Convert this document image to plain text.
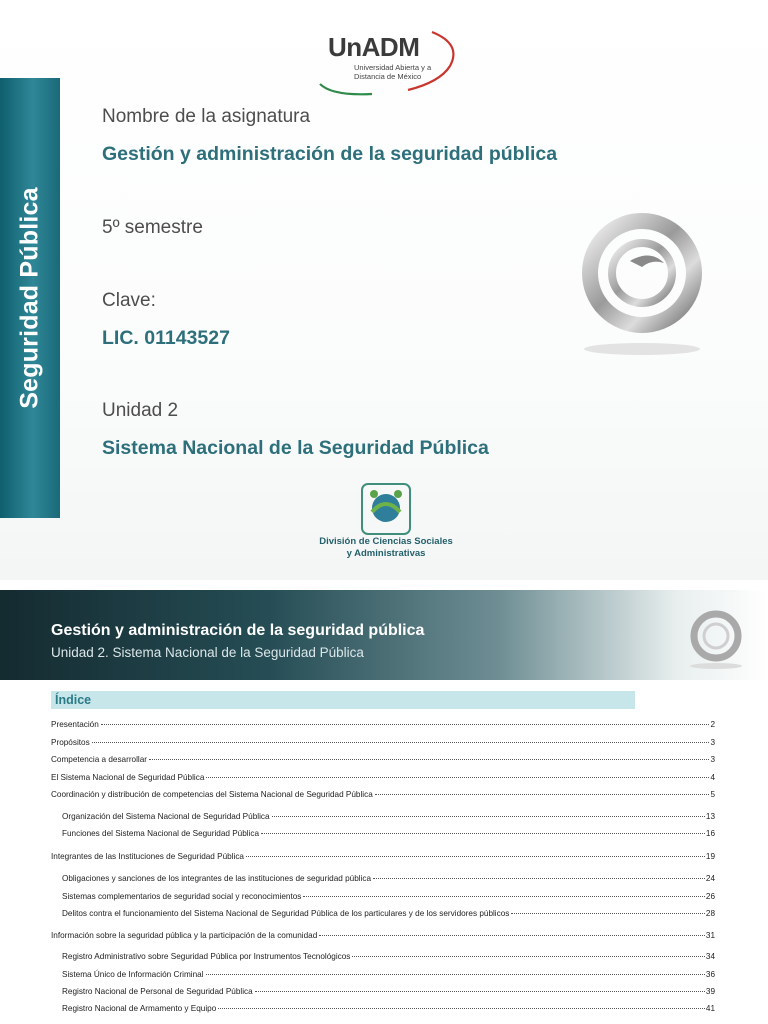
Seguridad Pública
UnADM
Universidad Abierta y a Distancia de México
Nombre de la asignatura
Gestión y administración de la seguridad pública
5º semestre
Clave:
LIC. 01143527
Unidad 2
Sistema Nacional de la Seguridad Pública
División de Ciencias Sociales y Administrativas
Gestión y administración de la seguridad pública
Unidad 2. Sistema Nacional de la Seguridad Pública
Índice
Presentación	2
Propósitos	3
Competencia a desarrollar	3
El Sistema Nacional de Seguridad Pública	4
Coordinación y distribución de competencias del Sistema Nacional de Seguridad Pública	5
Organización del Sistema Nacional de Seguridad Pública	13
Funciones del Sistema Nacional de Seguridad Pública	16
Integrantes de las Instituciones de Seguridad Pública	19
Obligaciones y sanciones de los integrantes de las instituciones de seguridad pública	24
Sistemas complementarios de seguridad social y reconocimientos	26
Delitos contra el funcionamiento del Sistema Nacional de Seguridad Pública de los particulares y de los servidores públicos	28
Información sobre la seguridad pública y la participación de la comunidad	31
Registro Administrativo sobre Seguridad Pública por Instrumentos Tecnológicos	34
Sistema Único de Información Criminal	36
Registro Nacional de Personal de Seguridad Pública	39
Registro Nacional de Armamento y Equipo	41
